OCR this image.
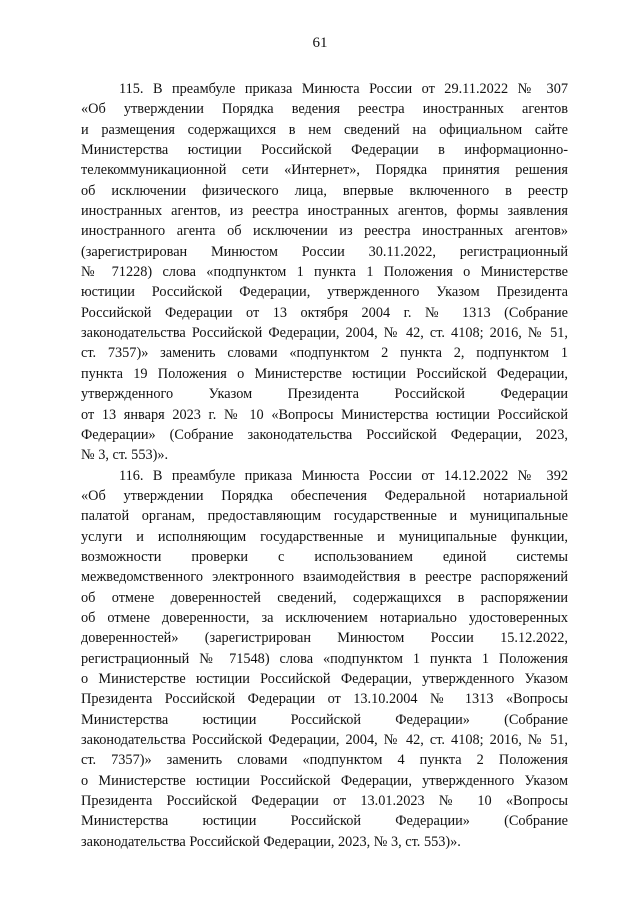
61
115. В преамбуле приказа Минюста России от 29.11.2022 № 307
«Об утверждении Порядка ведения реестра иностранных агентов
и размещения содержащихся в нем сведений на официальном сайте
Министерства юстиции Российской Федерации в информационно-
телекоммуникационной сети «Интернет», Порядка принятия решения
об исключении физического лица, впервые включенного в реестр
иностранных агентов, из реестра иностранных агентов, формы заявления
иностранного агента об исключении из реестра иностранных агентов»
(зарегистрирован Минюстом России 30.11.2022, регистрационный
№ 71228) слова «подпунктом 1 пункта 1 Положения о Министерстве
юстиции Российской Федерации, утвержденного Указом Президента
Российской Федерации от 13 октября 2004 г. № 1313 (Собрание
законодательства Российской Федерации, 2004, № 42, ст. 4108; 2016, № 51,
ст. 7357)» заменить словами «подпунктом 2 пункта 2, подпунктом 1
пункта 19 Положения о Министерстве юстиции Российской Федерации,
утвержденного Указом Президента Российской Федерации
от 13 января 2023 г. № 10 «Вопросы Министерства юстиции Российской
Федерации» (Собрание законодательства Российской Федерации, 2023,
№ 3, ст. 553)».
116. В преамбуле приказа Минюста России от 14.12.2022 № 392
«Об утверждении Порядка обеспечения Федеральной нотариальной
палатой органам, предоставляющим государственные и муниципальные
услуги и исполняющим государственные и муниципальные функции,
возможности проверки с использованием единой системы
межведомственного электронного взаимодействия в реестре распоряжений
об отмене доверенностей сведений, содержащихся в распоряжении
об отмене доверенности, за исключением нотариально удостоверенных
доверенностей» (зарегистрирован Минюстом России 15.12.2022,
регистрационный № 71548) слова «подпунктом 1 пункта 1 Положения
о Министерстве юстиции Российской Федерации, утвержденного Указом
Президента Российской Федерации от 13.10.2004 № 1313 «Вопросы
Министерства юстиции Российской Федерации» (Собрание
законодательства Российской Федерации, 2004, № 42, ст. 4108; 2016, № 51,
ст. 7357)» заменить словами «подпунктом 4 пункта 2 Положения
о Министерстве юстиции Российской Федерации, утвержденного Указом
Президента Российской Федерации от 13.01.2023 № 10 «Вопросы
Министерства юстиции Российской Федерации» (Собрание
законодательства Российской Федерации, 2023, № 3, ст. 553)».
